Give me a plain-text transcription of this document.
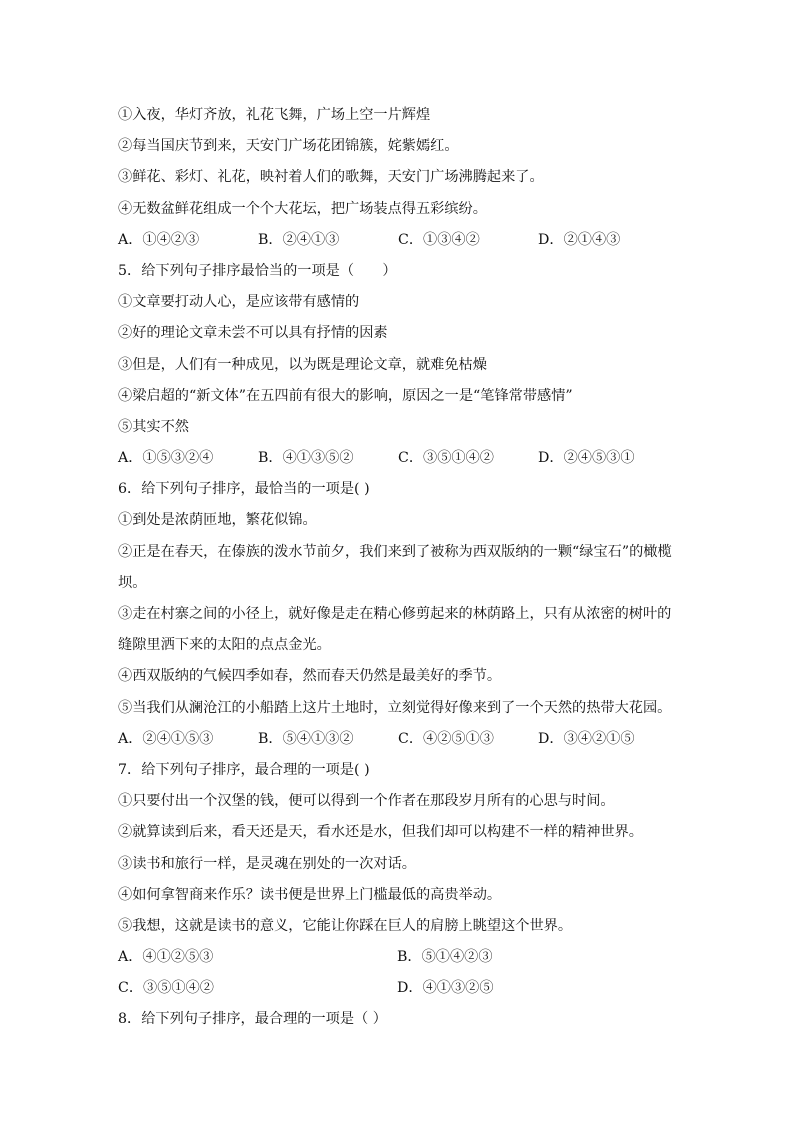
①入夜，华灯齐放，礼花飞舞，广场上空一片辉煌
②每当国庆节到来，天安门广场花团锦簇，姹紫嫣红。
③鲜花、彩灯、礼花，映衬着人们的歌舞，天安门广场沸腾起来了。
④无数盆鲜花组成一个个大花坛，把广场装点得五彩缤纷。
A．①④②③	B．②④①③	C．①③④②	D．②①④③
5．给下列句子排序最恰当的一项是（　　）
①文章要打动人心，是应该带有感情的
②好的理论文章未尝不可以具有抒情的因素
③但是，人们有一种成见，以为既是理论文章，就难免枯燥
④梁启超的“新文体”在五四前有很大的影响，原因之一是“笔锋常带感情”
⑤其实不然
A．①⑤③②④	B．④①③⑤②	C．③⑤①④②	D．②④⑤③①
6．给下列句子排序，最恰当的一项是( )
①到处是浓荫匝地，繁花似锦。
②正是在春天，在傣族的泼水节前夕，我们来到了被称为西双版纳的一颗“绿宝石”的橄榄
坝。
③走在村寨之间的小径上，就好像是走在精心修剪起来的林荫路上，只有从浓密的树叶的
缝隙里洒下来的太阳的点点金光。
④西双版纳的气候四季如春，然而春天仍然是最美好的季节。
⑤当我们从澜沧江的小船踏上这片土地时，立刻觉得好像来到了一个天然的热带大花园。
A．②④①⑤③	B．⑤④①③②	C．④②⑤①③	D．③④②①⑤
7．给下列句子排序，最合理的一项是( )
①只要付出一个汉堡的钱，便可以得到一个作者在那段岁月所有的心思与时间。
②就算读到后来，看天还是天，看水还是水，但我们却可以构建不一样的精神世界。
③读书和旅行一样，是灵魂在别处的一次对话。
④如何拿智商来作乐？读书便是世界上门槛最低的高贵举动。
⑤我想，这就是读书的意义，它能让你踩在巨人的肩膀上眺望这个世界。
A．④①②⑤③	B．⑤①④②③
C．③⑤①④②	D．④①③②⑤
8．给下列句子排序，最合理的一项是（ ）
